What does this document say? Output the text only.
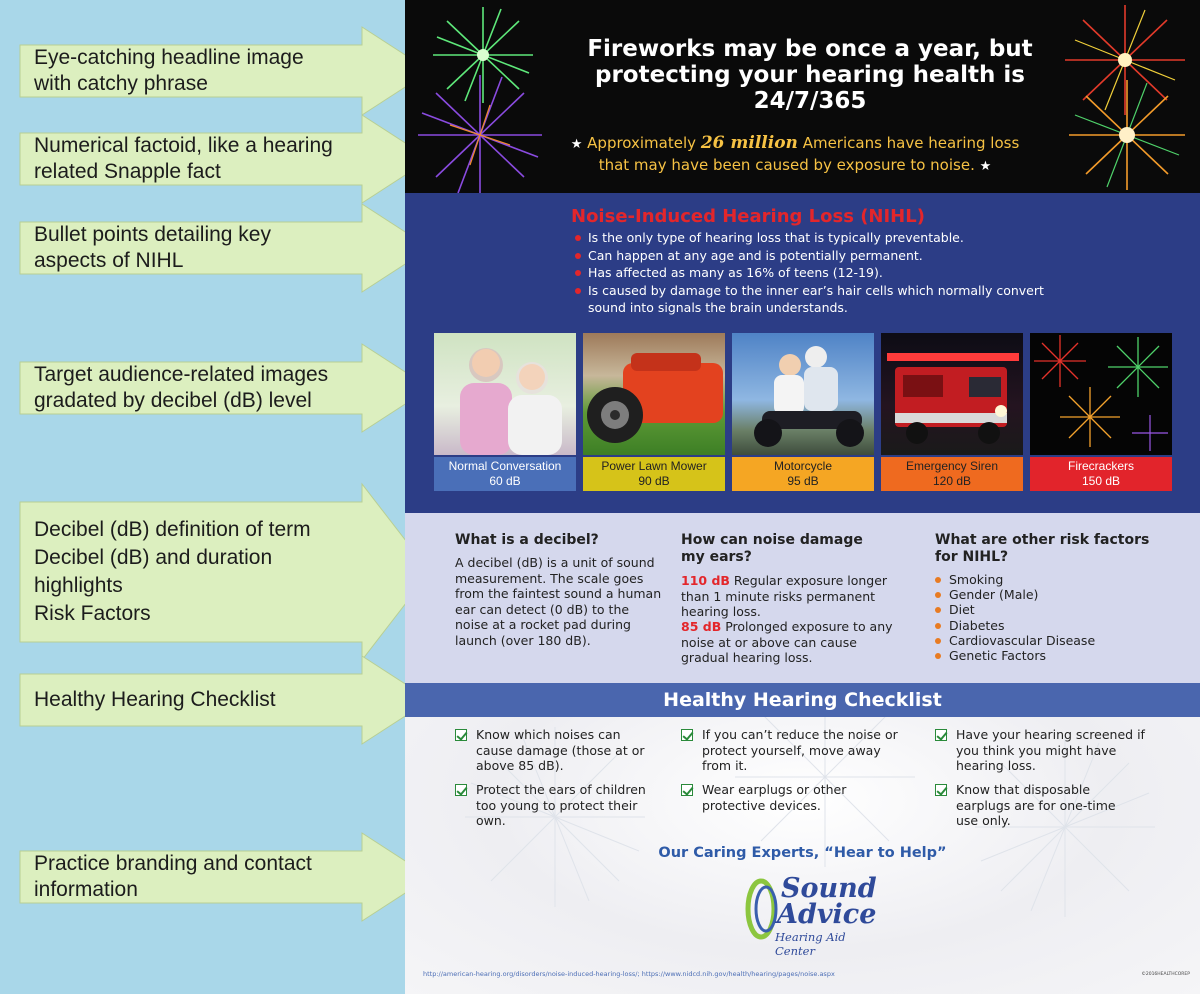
Eye-catching headline image
with catchy phrase
Numerical factoid, like a hearing
related Snapple fact
Bullet points detailing key
aspects of NIHL
Target audience-related images
gradated by decibel (dB) level
Decibel (dB) definition of term
Decibel (dB) and duration
highlights
Risk Factors
Healthy Hearing Checklist
Practice branding and contact
information
Fireworks may be once a year, but protecting your hearing health is 24/7/365
★ Approximately 26 million Americans have hearing loss that may have been caused by exposure to noise. ★
Noise-Induced Hearing Loss (NIHL)
Is the only type of hearing loss that is typically preventable.
Can happen at any age and is potentially permanent.
Has affected as many as 16% of teens (12-19).
Is caused by damage to the inner ear’s hair cells which normally convert sound into signals the brain understands.
Normal Conversation
60 dB
Power Lawn Mower
90 dB
Motorcycle
95 dB
Emergency Siren
120 dB
Firecrackers
150 dB
What is a decibel?
A decibel (dB) is a unit of sound measurement. The scale goes from the faintest sound a human ear can detect (0 dB) to the noise at a rocket pad during launch (over 180 dB).
How can noise damage my ears?
110 dB Regular exposure longer than 1 minute risks permanent hearing loss.
85 dB Prolonged exposure to any noise at or above can cause gradual hearing loss.
What are other risk factors for NIHL?
Smoking
Gender (Male)
Diet
Diabetes
Cardiovascular Disease
Genetic Factors
Healthy Hearing Checklist
Know which noises can cause damage (those at or above 85 dB).
If you can’t reduce the noise or protect yourself, move away from it.
Have your hearing screened if you think you might have hearing loss.
Protect the ears of children too young to protect their own.
Wear earplugs or other protective devices.
Know that disposable earplugs are for one-time use only.
Our Caring Experts, “Hear to Help”
Sound
Advice
Hearing Aid Center
http://american-hearing.org/disorders/noise-induced-hearing-loss/; https://www.nidcd.nih.gov/health/hearing/pages/noise.aspx	©2016HEALTHCOREP
